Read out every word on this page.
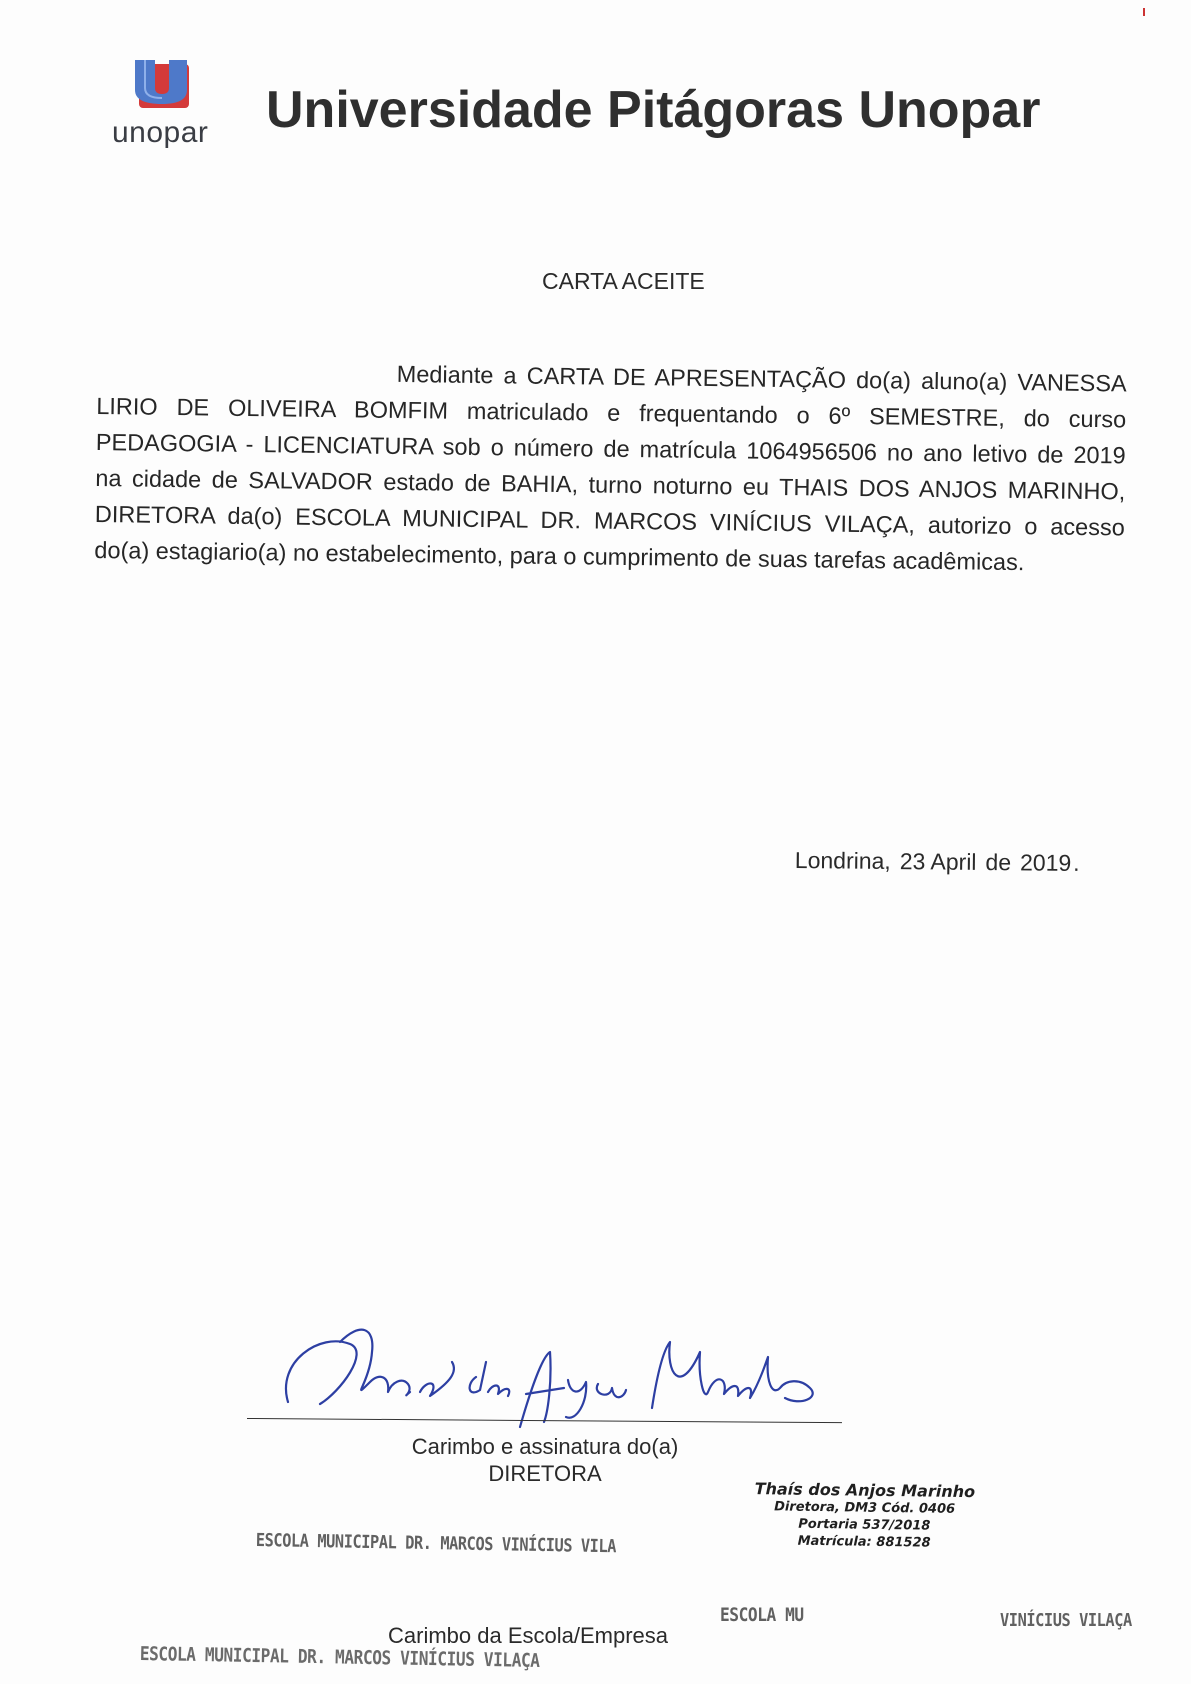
unopar Universidade Pitágoras Unopar
CARTA ACEITE
Mediante a CARTA DE APRESENTAÇÃO do(a) aluno(a) VANESSA
LIRIO DE OLIVEIRA BOMFIM matriculado e frequentando o 6º SEMESTRE, do curso
PEDAGOGIA - LICENCIATURA sob o número de matrícula 1064956506 no ano letivo de 2019
na cidade de SALVADOR estado de BAHIA, turno noturno eu THAIS DOS ANJOS MARINHO,
DIRETORA da(o) ESCOLA MUNICIPAL DR. MARCOS VINÍCIUS VILAÇA, autorizo o acesso
do(a) estagiario(a) no estabelecimento, para o cumprimento de suas tarefas acadêmicas.
Londrina, 23 April de 2019.
Carimbo e assinatura do(a)
DIRETORA
Thaís dos Anjos Marinho
Diretora, DM3 Cód. 0406
Portaria 537/2018
Matrícula: 881528
ESCOLA MUNICIPAL DR. MARCOS VINÍCIUS VILA
Carimbo da Escola/Empresa
ESCOLA MUNICIPAL DR. MARCOS VINÍCIUS VILAÇA
ESCOLA MU	VINÍCIUS VILAÇA
